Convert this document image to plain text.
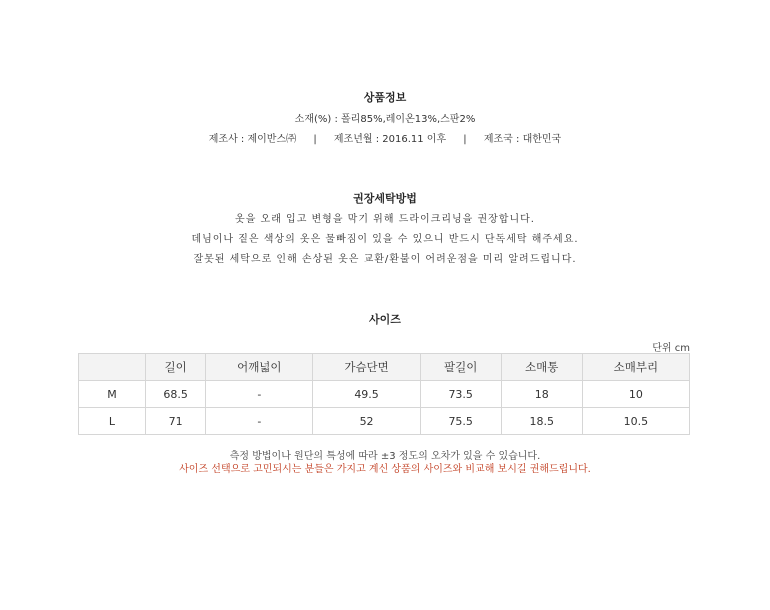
상품정보
소재(%) : 폴리85%,레이온13%,스판2%
제조사 : 제이반스㈜ | 제조년월 : 2016.11 이후 | 제조국 : 대한민국
권장세탁방법
옷을 오래 입고 변형을 막기 위해 드라이크리닝을 권장합니다.
데님이나 짙은 색상의 옷은 물빠짐이 있을 수 있으니 반드시 단독세탁 해주세요.
잘못된 세탁으로 인해 손상된 옷은 교환/환불이 어려운점을 미리 알려드립니다.
사이즈
단위 cm
	길이	어깨넓이	가슴단면	팔길이	소매통	소매부리
M	68.5	-	49.5	73.5	18	10
L	71	-	52	75.5	18.5	10.5
측정 방법이나 원단의 특성에 따라 ±3 정도의 오차가 있을 수 있습니다.
사이즈 선택으로 고민되시는 분들은 가지고 계신 상품의 사이즈와 비교해 보시길 권해드립니다.
